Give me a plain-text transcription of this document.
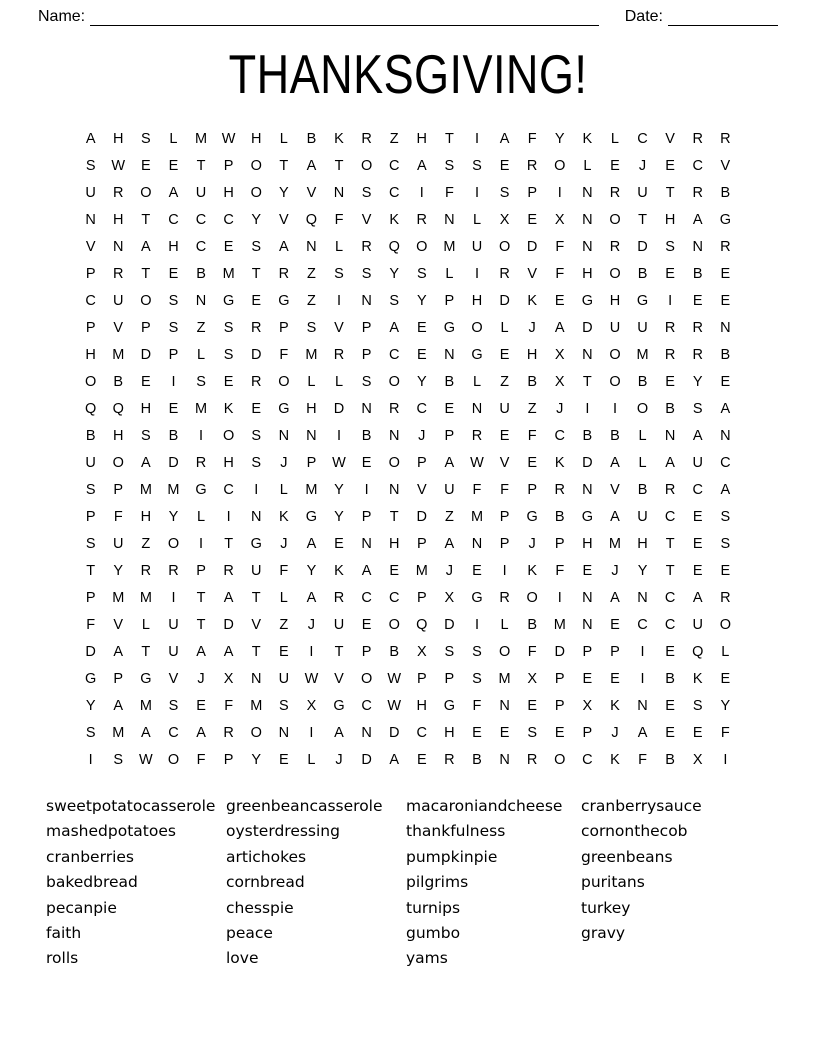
Name:	Date:
THANKSGIVING!
A	H	S	L	M	W	H	L	B	K	R	Z	H	T	I	A	F	Y	K	L	C	V	R	R
S	W	E	E	T	P	O	T	A	T	O	C	A	S	S	E	R	O	L	E	J	E	C	V
U	R	O	A	U	H	O	Y	V	N	S	C	I	F	I	S	P	I	N	R	U	T	R	B
N	H	T	C	C	C	Y	V	Q	F	V	K	R	N	L	X	E	X	N	O	T	H	A	G
V	N	A	H	C	E	S	A	N	L	R	Q	O	M	U	O	D	F	N	R	D	S	N	R
P	R	T	E	B	M	T	R	Z	S	S	Y	S	L	I	R	V	F	H	O	B	E	B	E
C	U	O	S	N	G	E	G	Z	I	N	S	Y	P	H	D	K	E	G	H	G	I	E	E
P	V	P	S	Z	S	R	P	S	V	P	A	E	G	O	L	J	A	D	U	U	R	R	N
H	M	D	P	L	S	D	F	M	R	P	C	E	N	G	E	H	X	N	O	M	R	R	B
O	B	E	I	S	E	R	O	L	L	S	O	Y	B	L	Z	B	X	T	O	B	E	Y	E
Q	Q	H	E	M	K	E	G	H	D	N	R	C	E	N	U	Z	J	I	I	O	B	S	A
B	H	S	B	I	O	S	N	N	I	B	N	J	P	R	E	F	C	B	B	L	N	A	N
U	O	A	D	R	H	S	J	P	W	E	O	P	A	W	V	E	K	D	A	L	A	U	C
S	P	M	M	G	C	I	L	M	Y	I	N	V	U	F	F	P	R	N	V	B	R	C	A
P	F	H	Y	L	I	N	K	G	Y	P	T	D	Z	M	P	G	B	G	A	U	C	E	S
S	U	Z	O	I	T	G	J	A	E	N	H	P	A	N	P	J	P	H	M	H	T	E	S
T	Y	R	R	P	R	U	F	Y	K	A	E	M	J	E	I	K	F	E	J	Y	T	E	E
P	M	M	I	T	A	T	L	A	R	C	C	P	X	G	R	O	I	N	A	N	C	A	R
F	V	L	U	T	D	V	Z	J	U	E	O	Q	D	I	L	B	M	N	E	C	C	U	O
D	A	T	U	A	A	T	E	I	T	P	B	X	S	S	O	F	D	P	P	I	E	Q	L
G	P	G	V	J	X	N	U	W	V	O	W	P	P	S	M	X	P	E	E	I	B	K	E
Y	A	M	S	E	F	M	S	X	G	C	W	H	G	F	N	E	P	X	K	N	E	S	Y
S	M	A	C	A	R	O	N	I	A	N	D	C	H	E	E	S	E	P	J	A	E	E	F
I	S	W	O	F	P	Y	E	L	J	D	A	E	R	B	N	R	O	C	K	F	B	X	I
sweetpotatocasserole
mashedpotatoes
cranberries
bakedbread
pecanpie
faith
rolls
greenbeancasserole
oysterdressing
artichokes
cornbread
chesspie
peace
love
macaroniandcheese
thankfulness
pumpkinpie
pilgrims
turnips
gumbo
yams
cranberrysauce
cornonthecob
greenbeans
puritans
turkey
gravy
